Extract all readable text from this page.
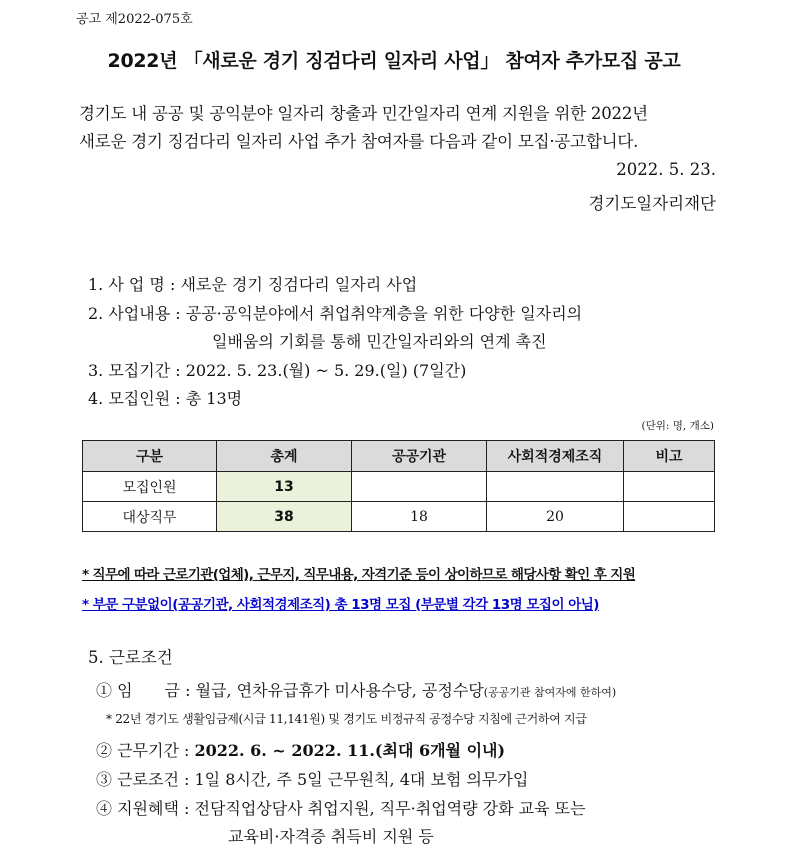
공고 제2022-075호
2022년 「새로운 경기 징검다리 일자리 사업」 참여자 추가모집 공고
경기도 내 공공 및 공익분야 일자리 창출과 민간일자리 연계 지원을 위한 2022년
새로운 경기 징검다리 일자리 사업 추가 참여자를 다음과 같이 모집·공고합니다.
2022. 5. 23.
경기도일자리재단
1. 사 업 명 : 새로운 경기 징검다리 일자리 사업
2. 사업내용 : 공공·공익분야에서 취업취약계층을 위한 다양한 일자리의
일배움의 기회를 통해 민간일자리와의 연계 촉진
3. 모집기간 : 2022. 5. 23.(월) ~ 5. 29.(일) (7일간)
4. 모집인원 : 총 13명
(단위: 명, 개소)
구분	총계	공공기관	사회적경제조직	비고
모집인원	13			
대상직무	38	18	20	
* 직무에 따라 근로기관(업체), 근무지, 직무내용, 자격기준 등이 상이하므로 해당사항 확인 후 지원
* 부문 구분없이(공공기관, 사회적경제조직) 총 13명 모집 (부문별 각각 13명 모집이 아님)
5. 근로조건
① 임　　금 : 월급, 연차유급휴가 미사용수당, 공정수당(공공기관 참여자에 한하여)
* 22년 경기도 생활임금제(시급 11,141원) 및 경기도 비정규직 공정수당 지침에 근거하여 지급
② 근무기간 : 2022. 6. ~ 2022. 11.(최대 6개월 이내)
③ 근로조건 : 1일 8시간, 주 5일 근무원칙, 4대 보험 의무가입
④ 지원혜택 : 전담직업상담사 취업지원, 직무·취업역량 강화 교육 또는
교육비·자격증 취득비 지원 등
